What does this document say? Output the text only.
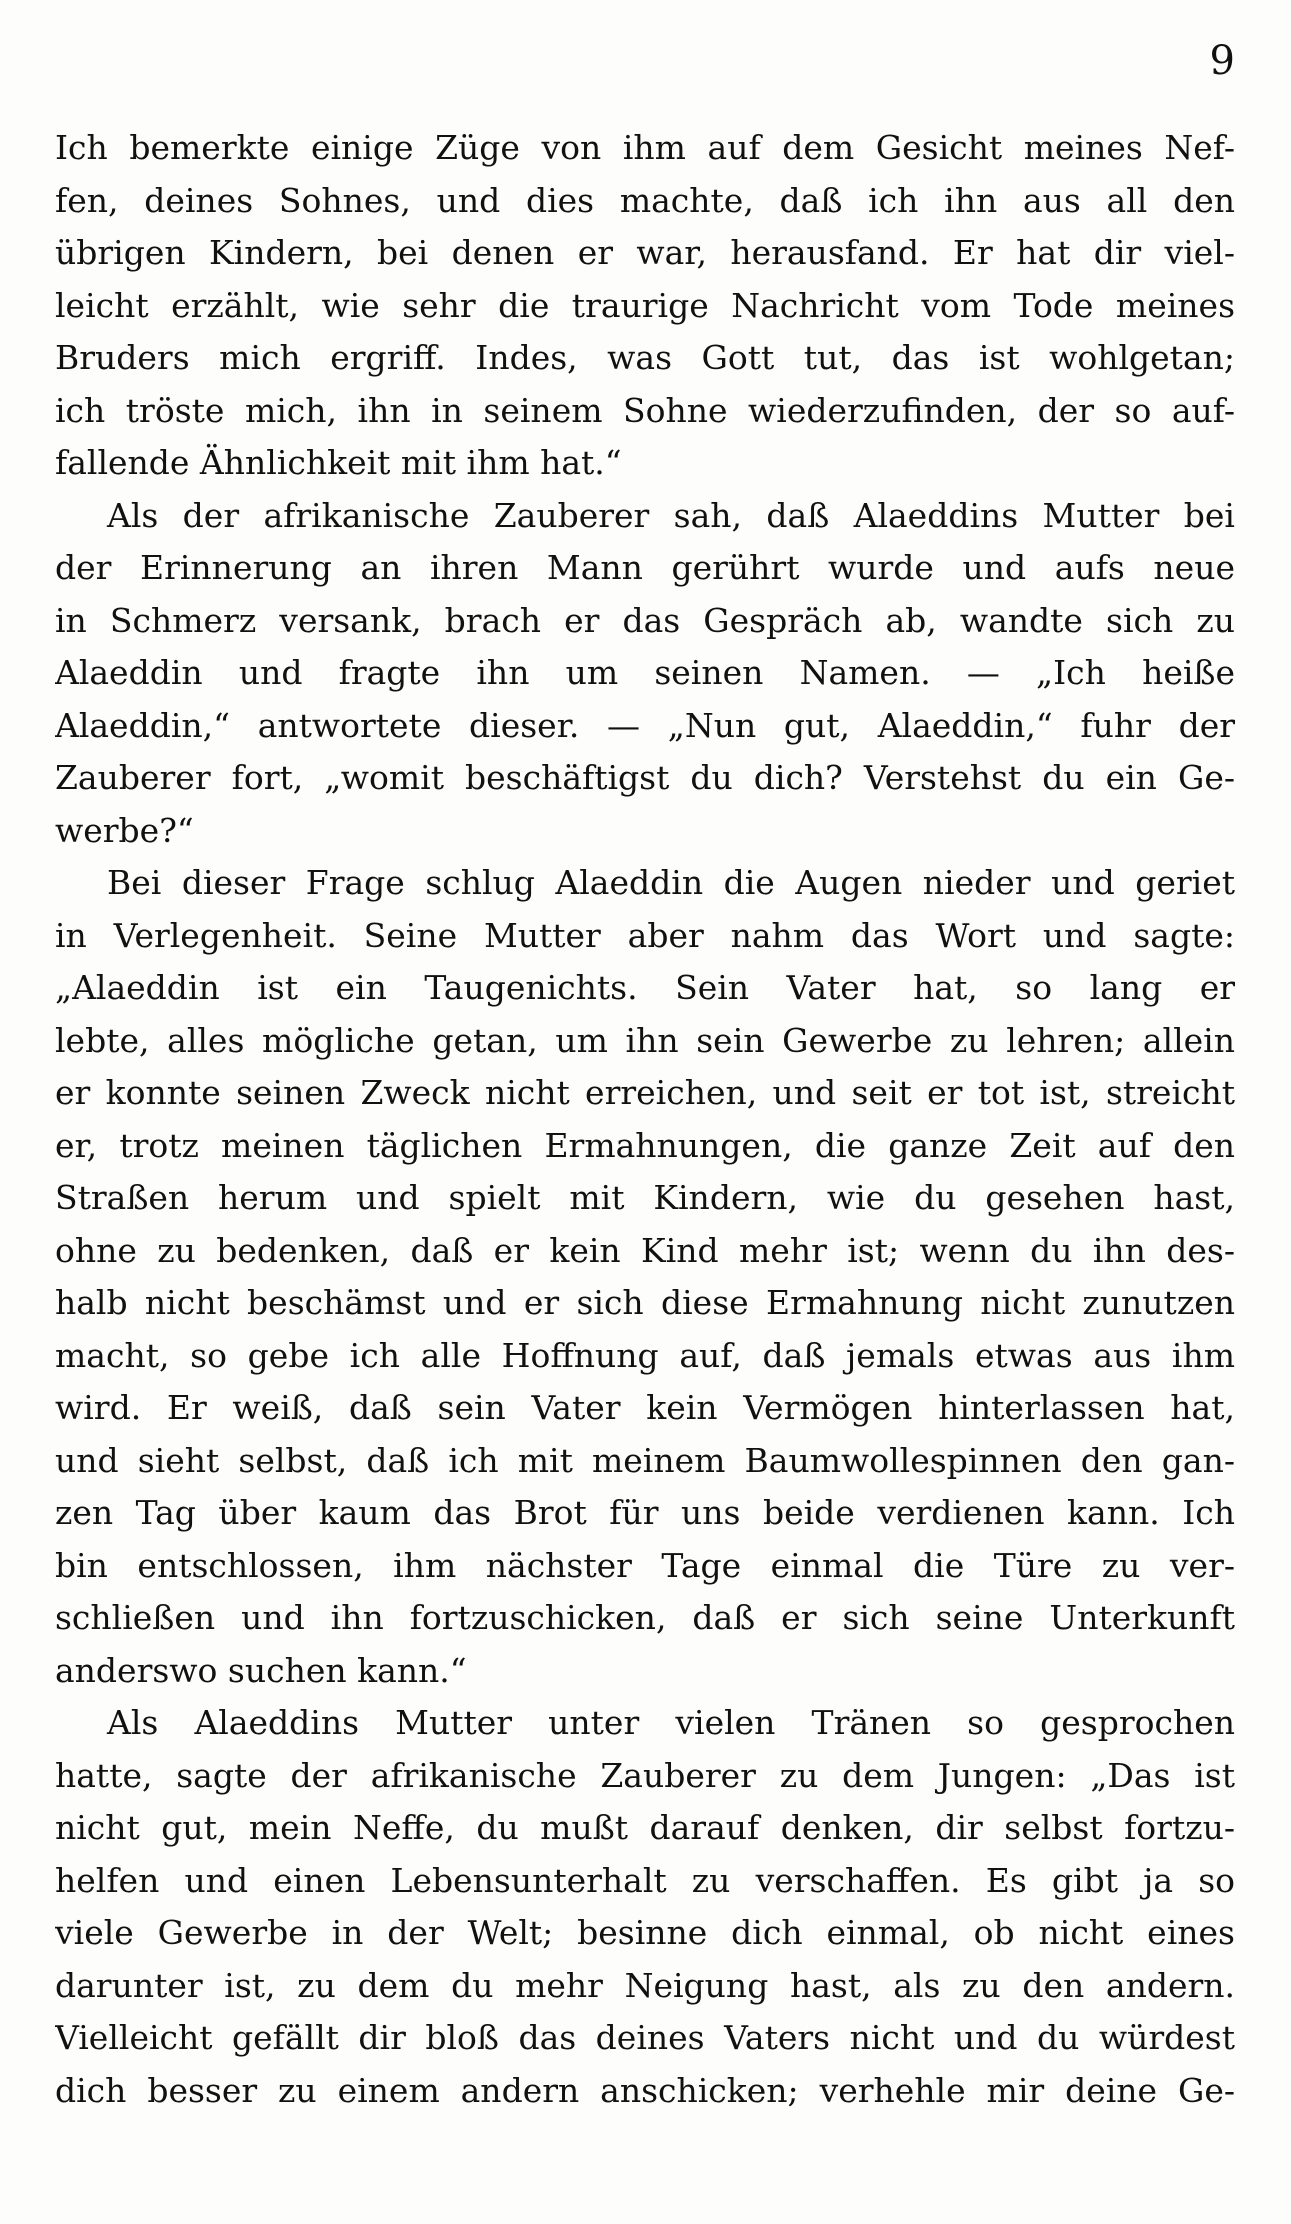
9
Ich bemerkte einige Züge von ihm auf dem Gesicht meines Nef-
fen, deines Sohnes, und dies machte, daß ich ihn aus all den
übrigen Kindern, bei denen er war, herausfand. Er hat dir viel-
leicht erzählt, wie sehr die traurige Nachricht vom Tode meines
Bruders mich ergriff. Indes, was Gott tut, das ist wohlgetan;
ich tröste mich, ihn in seinem Sohne wiederzufinden, der so auf-
fallende Ähnlichkeit mit ihm hat.“
Als der afrikanische Zauberer sah, daß Alaeddins Mutter bei
der Erinnerung an ihren Mann gerührt wurde und aufs neue
in Schmerz versank, brach er das Gespräch ab, wandte sich zu
Alaeddin und fragte ihn um seinen Namen. — „Ich heiße
Alaeddin,“ antwortete dieser. — „Nun gut, Alaeddin,“ fuhr der
Zauberer fort, „womit beschäftigst du dich? Verstehst du ein Ge-
werbe?“
Bei dieser Frage schlug Alaeddin die Augen nieder und geriet
in Verlegenheit. Seine Mutter aber nahm das Wort und sagte:
„Alaeddin ist ein Taugenichts. Sein Vater hat, so lang er
lebte, alles mögliche getan, um ihn sein Gewerbe zu lehren; allein
er konnte seinen Zweck nicht erreichen, und seit er tot ist, streicht
er, trotz meinen täglichen Ermahnungen, die ganze Zeit auf den
Straßen herum und spielt mit Kindern, wie du gesehen hast,
ohne zu bedenken, daß er kein Kind mehr ist; wenn du ihn des-
halb nicht beschämst und er sich diese Ermahnung nicht zunutzen
macht, so gebe ich alle Hoffnung auf, daß jemals etwas aus ihm
wird. Er weiß, daß sein Vater kein Vermögen hinterlassen hat,
und sieht selbst, daß ich mit meinem Baumwollespinnen den gan-
zen Tag über kaum das Brot für uns beide verdienen kann. Ich
bin entschlossen, ihm nächster Tage einmal die Türe zu ver-
schließen und ihn fortzuschicken, daß er sich seine Unterkunft
anderswo suchen kann.“
Als Alaeddins Mutter unter vielen Tränen so gesprochen
hatte, sagte der afrikanische Zauberer zu dem Jungen: „Das ist
nicht gut, mein Neffe, du mußt darauf denken, dir selbst fortzu-
helfen und einen Lebensunterhalt zu verschaffen. Es gibt ja so
viele Gewerbe in der Welt; besinne dich einmal, ob nicht eines
darunter ist, zu dem du mehr Neigung hast, als zu den andern.
Vielleicht gefällt dir bloß das deines Vaters nicht und du würdest
dich besser zu einem andern anschicken; verhehle mir deine Ge-
